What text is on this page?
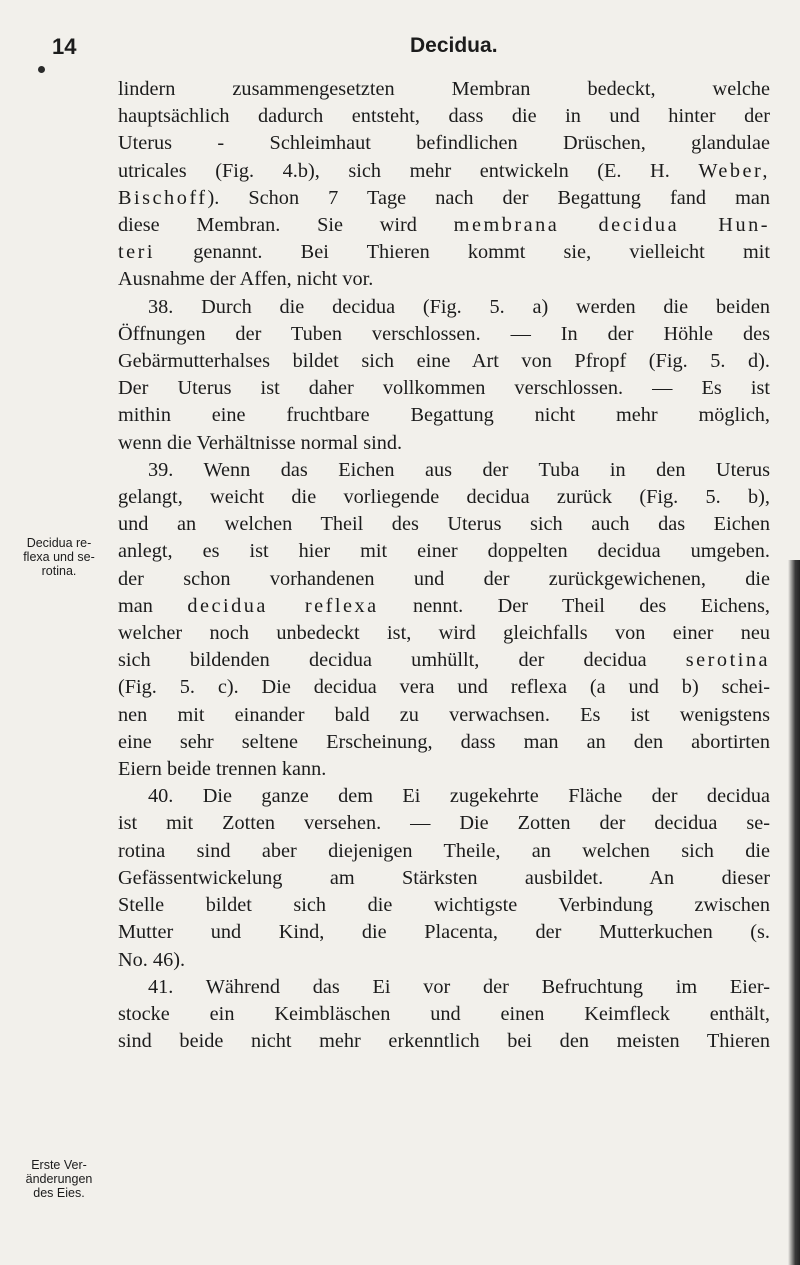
14	Decidua.
Decidua re-
flexa und se-
rotina.
Erste Ver-
änderungen
des Eies.
lindern zusammengesetzten Membran bedeckt, welche
hauptsächlich dadurch entsteht, dass die in und hinter der
Uterus - Schleimhaut befindlichen Drüschen, glandulae
utricales (Fig. 4.b), sich mehr entwickeln (E. H. Weber,
Bischoff). Schon 7 Tage nach der Begattung fand man
diese Membran. Sie wird membrana decidua Hun-
teri genannt. Bei Thieren kommt sie, vielleicht mit
Ausnahme der Affen, nicht vor.
38. Durch die decidua (Fig. 5. a) werden die beiden
Öffnungen der Tuben verschlossen. — In der Höhle des
Gebärmutterhalses bildet sich eine Art von Pfropf (Fig. 5. d).
Der Uterus ist daher vollkommen verschlossen. — Es ist
mithin eine fruchtbare Begattung nicht mehr möglich,
wenn die Verhältnisse normal sind.
39. Wenn das Eichen aus der Tuba in den Uterus
gelangt, weicht die vorliegende decidua zurück (Fig. 5. b),
und an welchen Theil des Uterus sich auch das Eichen
anlegt, es ist hier mit einer doppelten decidua umgeben.
der schon vorhandenen und der zurückgewichenen, die
man decidua reflexa nennt. Der Theil des Eichens,
welcher noch unbedeckt ist, wird gleichfalls von einer neu
sich bildenden decidua umhüllt, der decidua serotina
(Fig. 5. c). Die decidua vera und reflexa (a und b) schei-
nen mit einander bald zu verwachsen. Es ist wenigstens
eine sehr seltene Erscheinung, dass man an den abortirten
Eiern beide trennen kann.
40. Die ganze dem Ei zugekehrte Fläche der decidua
ist mit Zotten versehen. — Die Zotten der decidua se-
rotina sind aber diejenigen Theile, an welchen sich die
Gefässentwickelung am Stärksten ausbildet. An dieser
Stelle bildet sich die wichtigste Verbindung zwischen
Mutter und Kind, die Placenta, der Mutterkuchen (s.
No. 46).
41. Während das Ei vor der Befruchtung im Eier-
stocke ein Keimbläschen und einen Keimfleck enthält,
sind beide nicht mehr erkenntlich bei den meisten Thieren
